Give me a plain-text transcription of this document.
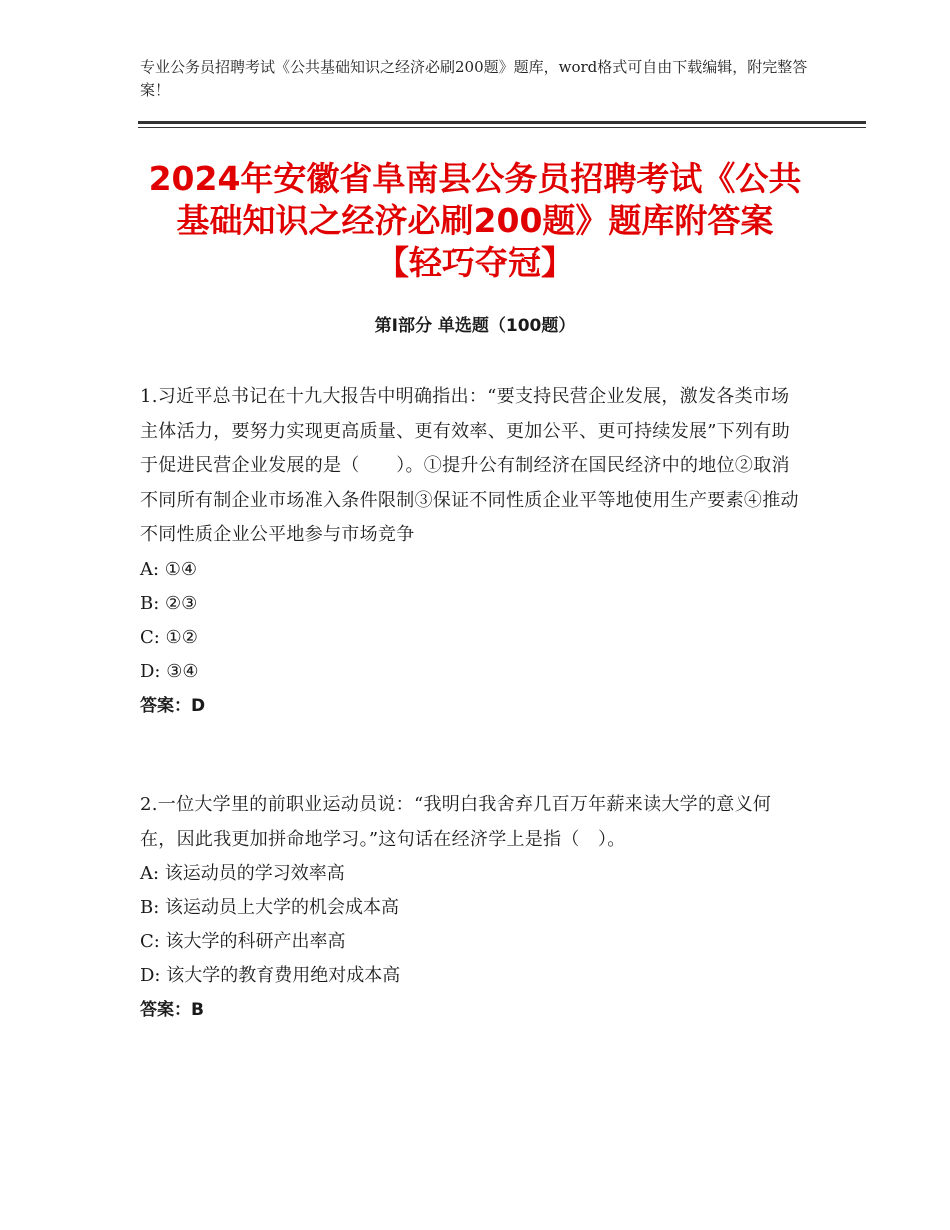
专业公务员招聘考试《公共基础知识之经济必刷200题》题库，word格式可自由下载编辑，附完整答案！
2024年安徽省阜南县公务员招聘考试《公共
基础知识之经济必刷200题》题库附答案
【轻巧夺冠】
第Ⅰ部分 单选题（100题）

1.习近平总书记在十九大报告中明确指出：“要支持民营企业发展，激发各类市场主体活力，要努力实现更高质量、更有效率、更加公平、更可持续发展”下列有助于促进民营企业发展的是（　　）。①提升公有制经济在国民经济中的地位②取消不同所有制企业市场准入条件限制③保证不同性质企业平等地使用生产要素④推动不同性质企业公平地参与市场竞争

A: ①④

B: ②③

C: ①②

D: ③④

答案：D

2.一位大学里的前职业运动员说：“我明白我舍弃几百万年薪来读大学的意义何在，因此我更加拼命地学习。”这句话在经济学上是指（　）。

A: 该运动员的学习效率高

B: 该运动员上大学的机会成本高

C: 该大学的科研产出率高

D: 该大学的教育费用绝对成本高

答案：B
